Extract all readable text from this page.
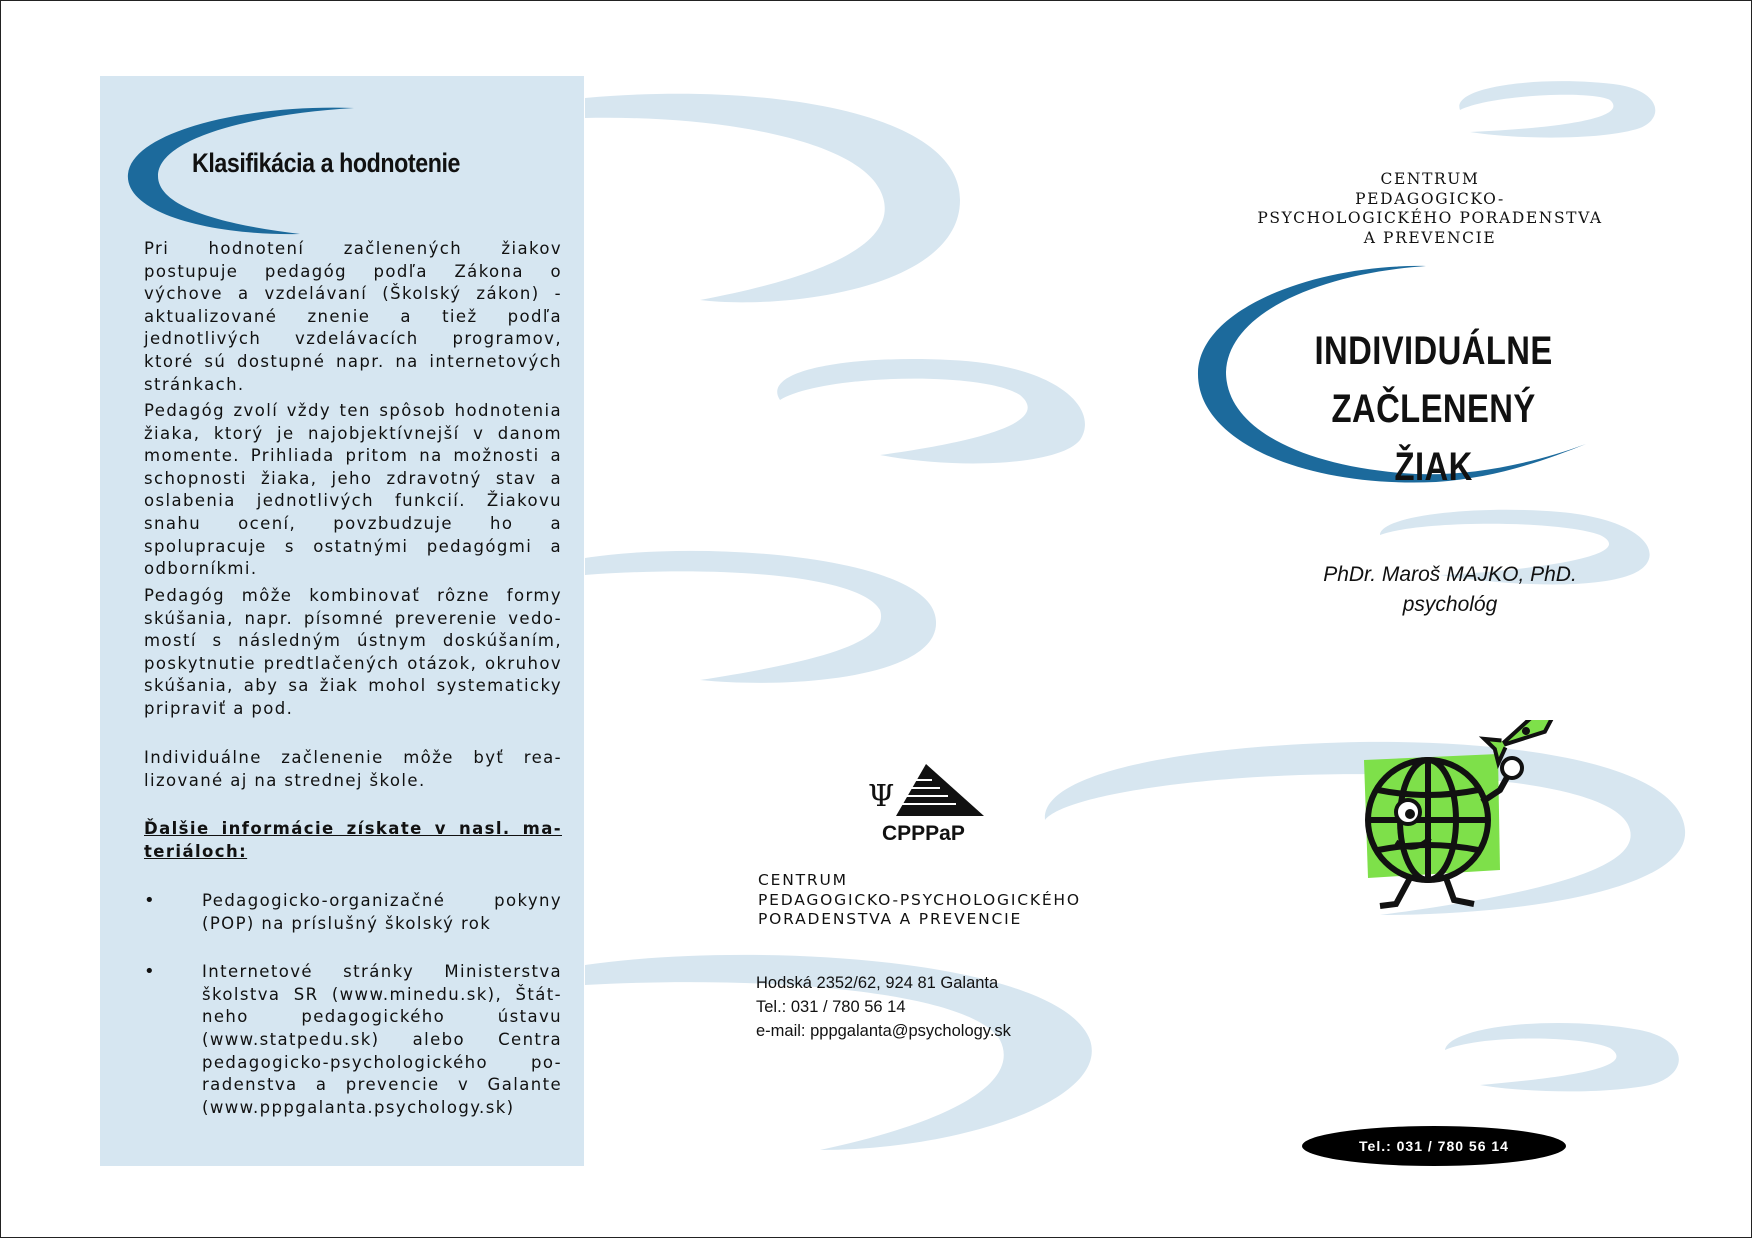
Klasifikácia a hodnotenie

Pri hodnotení začlenených žiakov postupuje pedagóg podľa Zákona o výchove a vzdelávaní (Školský zákon) - aktualizované znenie a tiež podľa jednotlivých vzdelávacích programov, ktoré sú dostupné napr. na internetových stránkach.

Pedagóg zvolí vždy ten spôsob hodnotenia žiaka, ktorý je najobjektívnejší v danom momente. Prihliada pritom na možnosti a schopnosti žiaka, jeho zdravotný stav a oslabenia jednotlivých funkcií. Žiakovu snahu ocení, povzbudzuje ho a spolupracuje s ostatnými pedagógmi a odborníkmi.

Pedagóg môže kombinovať rôzne formy skúšania, napr. písomné preverenie vedo- mostí s následným ústnym doskúšaním, poskytnutie predtlačených otázok, okruhov skúšania, aby sa žiak mohol systematicky pripraviť a pod.

Individuálne začlenenie môže byť rea- lizované aj na strednej škole.

Ďalšie informácie získate v nasl. ma- teriáloch:
•	Pedagogicko-organizačné pokyny (POP) na príslušný školský rok
•	Internetové stránky Ministerstva školstva SR (www.minedu.sk), Štát- neho pedagogického ústavu (www.statpedu.sk) alebo Centra pedagogicko-psychologického po- radenstva a prevencie v Galante (www.pppgalanta.psychology.sk)
CENTRUM
PEDAGOGICKO-
PSYCHOLOGICKÉHO PORADENSTVA
A PREVENCIE
INDIVIDUÁLNE ZAČLENENÝ
ŽIAK
PhDr. Maroš MAJKO, PhD.
psychológ
Ψ
CPPPaP
CENTRUM
PEDAGOGICKO-PSYCHOLOGICKÉHO
PORADENSTVA A PREVENCIE
Hodská 2352/62, 924 81 Galanta
Tel.: 031 / 780 56 14
e-mail: pppgalanta@psychology.sk
Tel.: 031 / 780 56 14
